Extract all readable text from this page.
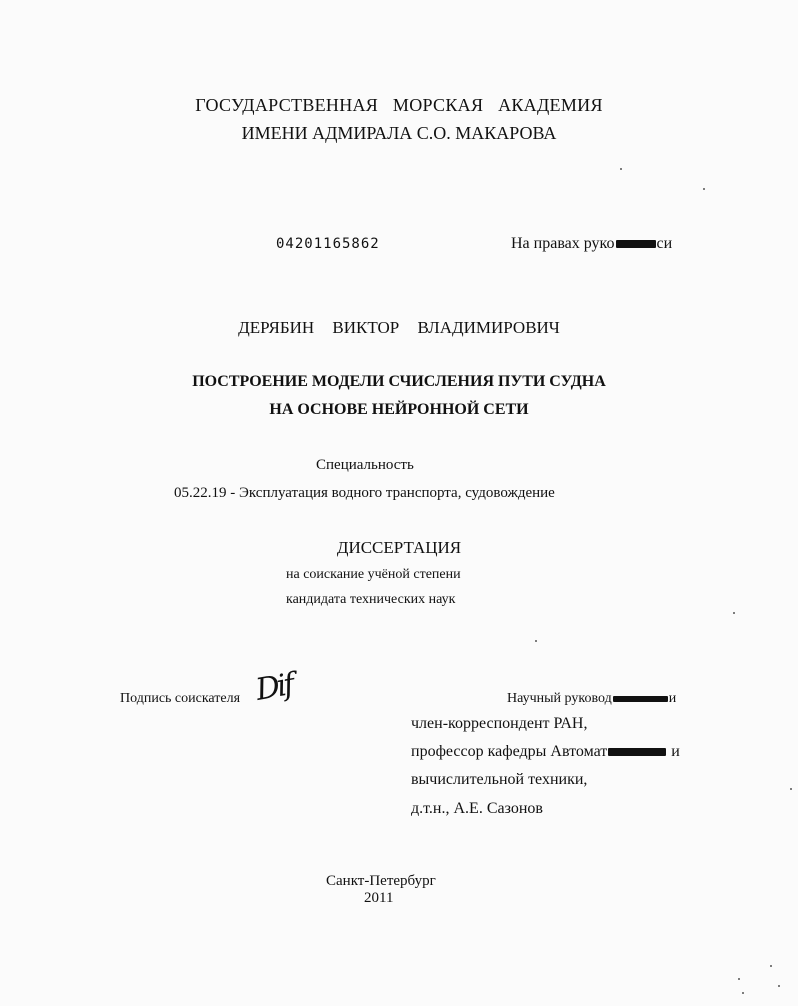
ГОСУДАРСТВЕННАЯ МОРСКАЯ АКАДЕМИЯ
ИМЕНИ АДМИРАЛА С.О. МАКАРОВА
04201165862	На правах руко	си
ДЕРЯБИН ВИКТОР ВЛАДИМИРОВИЧ
ПОСТРОЕНИЕ МОДЕЛИ СЧИСЛЕНИЯ ПУТИ СУДНА
НА ОСНОВЕ НЕЙРОННОЙ СЕТИ
Специальность
05.22.19 - Эксплуатация водного транспорта, судовождение
ДИССЕРТАЦИЯ
на соискание учёной степени
кандидата технических наук
Подпись соискателя Dif	Научный руковод	и
член-корреспондент РАН,
профессор кафедры Автомат	и
вычислительной техники,
д.т.н., А.Е. Сазонов
Санкт-Петербург
2011
